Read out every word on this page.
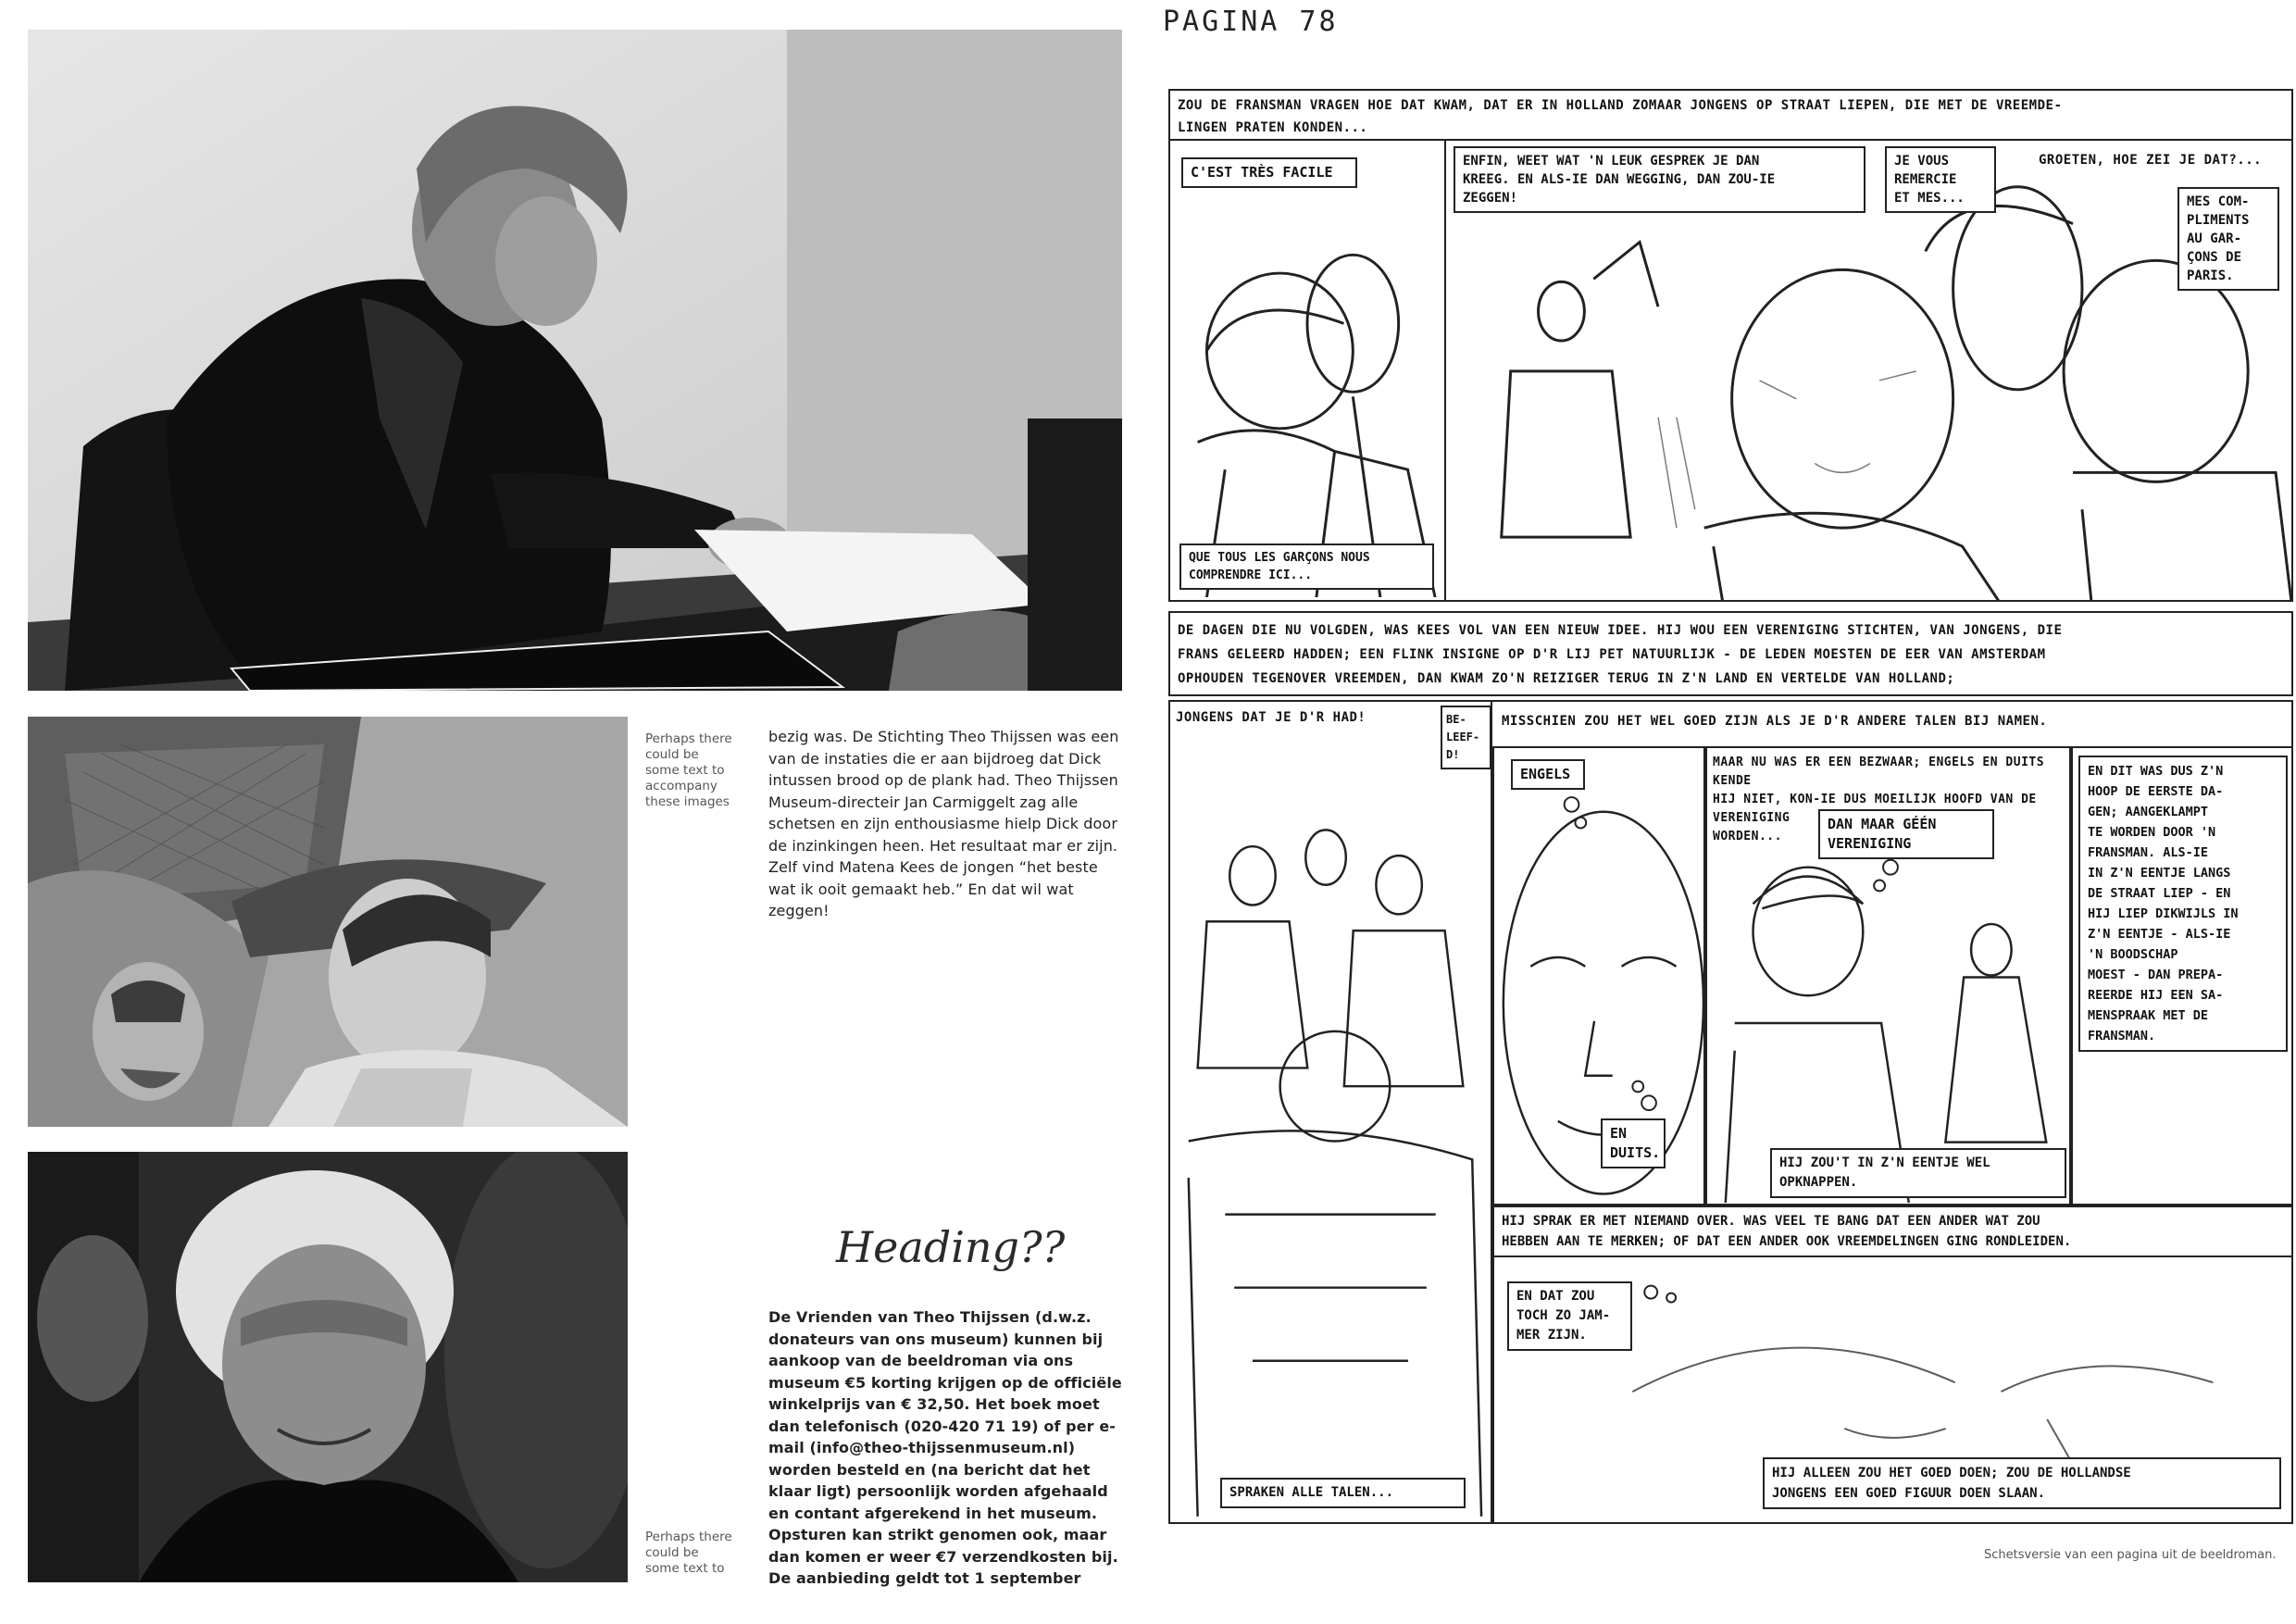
Perhaps there
could be
some text to
accompany
these images
Perhaps there
could be
some text to

bezig was. De Stichting Theo Thijssen was een van de instaties die er aan bijdroeg dat Dick intussen brood op de plank had. Theo Thijssen Museum-directeir Jan Carmiggelt zag alle schetsen en zijn enthousiasme hielp Dick door de inzinkingen heen. Het resultaat mar er zijn. Zelf vind Matena Kees de jongen “het beste wat ik ooit gemaakt heb.” En dat wil wat zeggen!

Heading??

De Vrienden van Theo Thijssen (d.w.z. donateurs van ons museum) kunnen bij aankoop van de beeldroman via ons museum €5 korting krijgen op de officiële winkelprijs van € 32,50. Het boek moet dan telefonisch (020-420 71 19) of per e-mail (info@theo-thijssenmuseum.nl) worden besteld en (na bericht dat het klaar ligt) persoonlijk worden afgehaald en contant afgerekend in het museum. Opsturen kan strikt genomen ook, maar dan komen er weer €7 verzendkosten bij. De aanbieding geldt tot 1 september

PAGINA 78
ZOU DE FRANSMAN VRAGEN HOE DAT KWAM, DAT ER IN HOLLAND ZOMAAR JONGENS OP STRAAT LIEPEN, DIE MET DE VREEMDE-
LINGEN PRATEN KONDEN...
C'EST TRÈS FACILE
QUE TOUS LES GARÇONS NOUS
COMPRENDRE ICI...
ENFIN, WEET WAT 'N LEUK GESPREK JE DAN
KREEG. EN ALS-IE DAN WEGGING, DAN ZOU-IE
ZEGGEN!
JE VOUS
REMERCIE
ET MES...
GROETEN, HOE ZEI JE DAT?...
MES COM-
PLIMENTS
AU GAR-
ÇONS DE
PARIS.
DE DAGEN DIE NU VOLGDEN, WAS KEES VOL VAN EEN NIEUW IDEE. HIJ WOU EEN VERENIGING STICHTEN, VAN JONGENS, DIE
FRANS GELEERD HADDEN; EEN FLINK INSIGNE OP D'R LIJ PET NATUURLIJK - DE LEDEN MOESTEN DE EER VAN AMSTERDAM
OPHOUDEN TEGENOVER VREEMDEN, DAN KWAM ZO'N REIZIGER TERUG IN Z'N LAND EN VERTELDE VAN HOLLAND;
JONGENS DAT JE D'R HAD!	BE-
LEEF-
D!
MISSCHIEN ZOU HET WEL GOED ZIJN ALS JE D'R ANDERE TALEN BIJ NAMEN.
ENGELS
EN
DUITS.
MAAR NU WAS ER EEN BEZWAAR; ENGELS EN DUITS KENDE
HIJ NIET, KON-IE DUS MOEILIJK HOOFD VAN DE VERENIGING
WORDEN...
DAN MAAR GÉÉN
VERENIGING
HIJ ZOU'T IN Z'N EENTJE WEL
OPKNAPPEN.
EN DIT WAS DUS Z'N
HOOP DE EERSTE DA-
GEN; AANGEKLAMPT
TE WORDEN DOOR 'N
FRANSMAN. ALS-IE
IN Z'N EENTJE LANGS
DE STRAAT LIEP - EN
HIJ LIEP DIKWIJLS IN
Z'N EENTJE - ALS-IE
'N BOODSCHAP
MOEST - DAN PREPA-
REERDE HIJ EEN SA-
MENSPRAAK MET DE
FRANSMAN.
HIJ SPRAK ER MET NIEMAND OVER. WAS VEEL TE BANG DAT EEN ANDER WAT ZOU
HEBBEN AAN TE MERKEN; OF DAT EEN ANDER OOK VREEMDELINGEN GING RONDLEIDEN.
EN DAT ZOU
TOCH ZO JAM-
MER ZIJN.
HIJ ALLEEN ZOU HET GOED DOEN; ZOU DE HOLLANDSE
JONGENS EEN GOED FIGUUR DOEN SLAAN.
SPRAKEN ALLE TALEN...
Schetsversie van een pagina uit de beeldroman.
